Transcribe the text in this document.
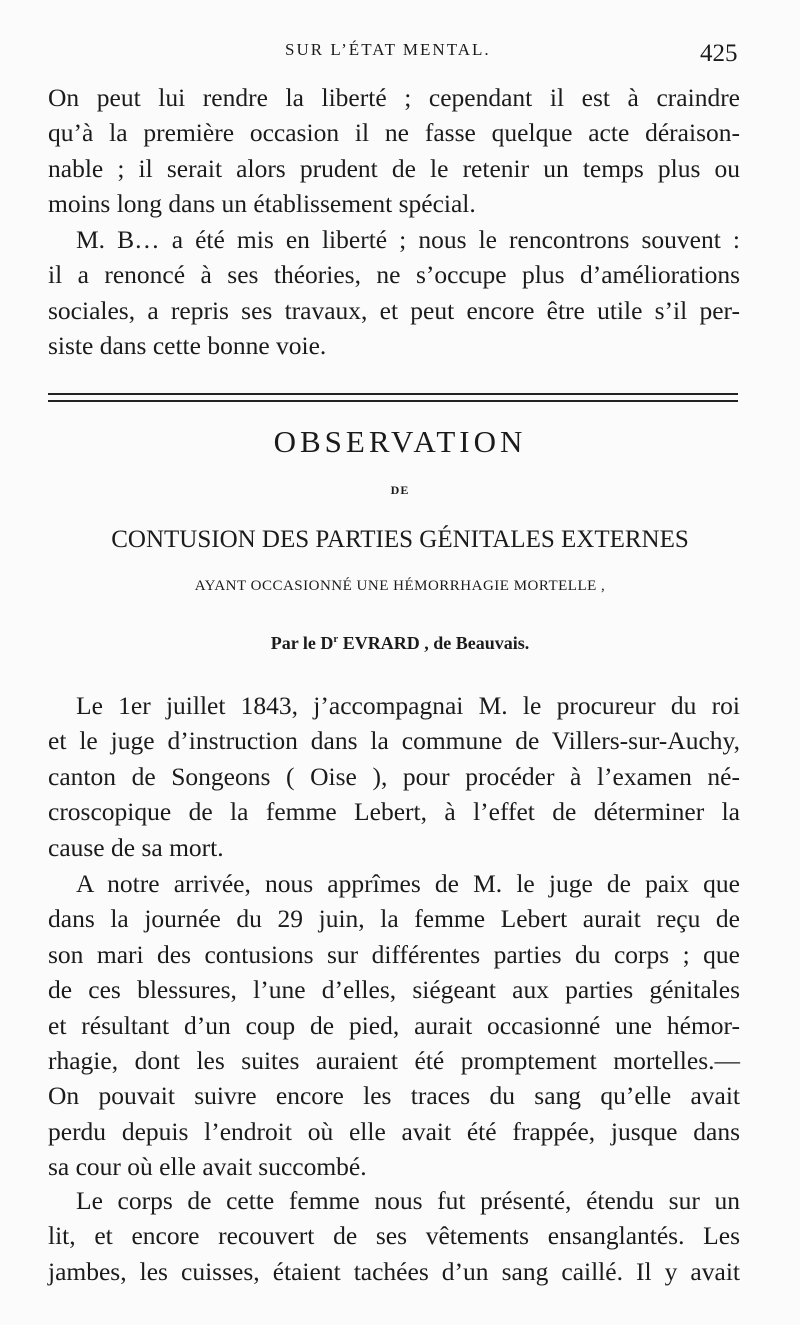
SUR L’ÉTAT MENTAL.	425
On peut lui rendre la liberté ; cependant il est à craindre
qu’à la première occasion il ne fasse quelque acte déraison-
nable ; il serait alors prudent de le retenir un temps plus ou
moins long dans un établissement spécial.
M. B… a été mis en liberté ; nous le rencontrons souvent :
il a renoncé à ses théories, ne s’occupe plus d’améliorations
sociales, a repris ses travaux, et peut encore être utile s’il per-
siste dans cette bonne voie.
OBSERVATION
DE
CONTUSION DES PARTIES GÉNITALES EXTERNES
AYANT OCCASIONNÉ UNE HÉMORRHAGIE MORTELLE ,
Par le $D^r$ EVRARD , de Beauvais.
Le 1er juillet 1843, j’accompagnai M. le procureur du roi
et le juge d’instruction dans la commune de Villers-sur-Auchy,
canton de Songeons ( Oise ), pour procéder à l’examen né-
croscopique de la femme Lebert, à l’effet de déterminer la
cause de sa mort.
A notre arrivée, nous apprîmes de M. le juge de paix que
dans la journée du 29 juin, la femme Lebert aurait reçu de
son mari des contusions sur différentes parties du corps ; que
de ces blessures, l’une d’elles, siégeant aux parties génitales
et résultant d’un coup de pied, aurait occasionné une hémor-
rhagie, dont les suites auraient été promptement mortelles.—
On pouvait suivre encore les traces du sang qu’elle avait
perdu depuis l’endroit où elle avait été frappée, jusque dans
sa cour où elle avait succombé.
Le corps de cette femme nous fut présenté, étendu sur un
lit, et encore recouvert de ses vêtements ensanglantés. Les
jambes, les cuisses, étaient tachées d’un sang caillé. Il y avait
